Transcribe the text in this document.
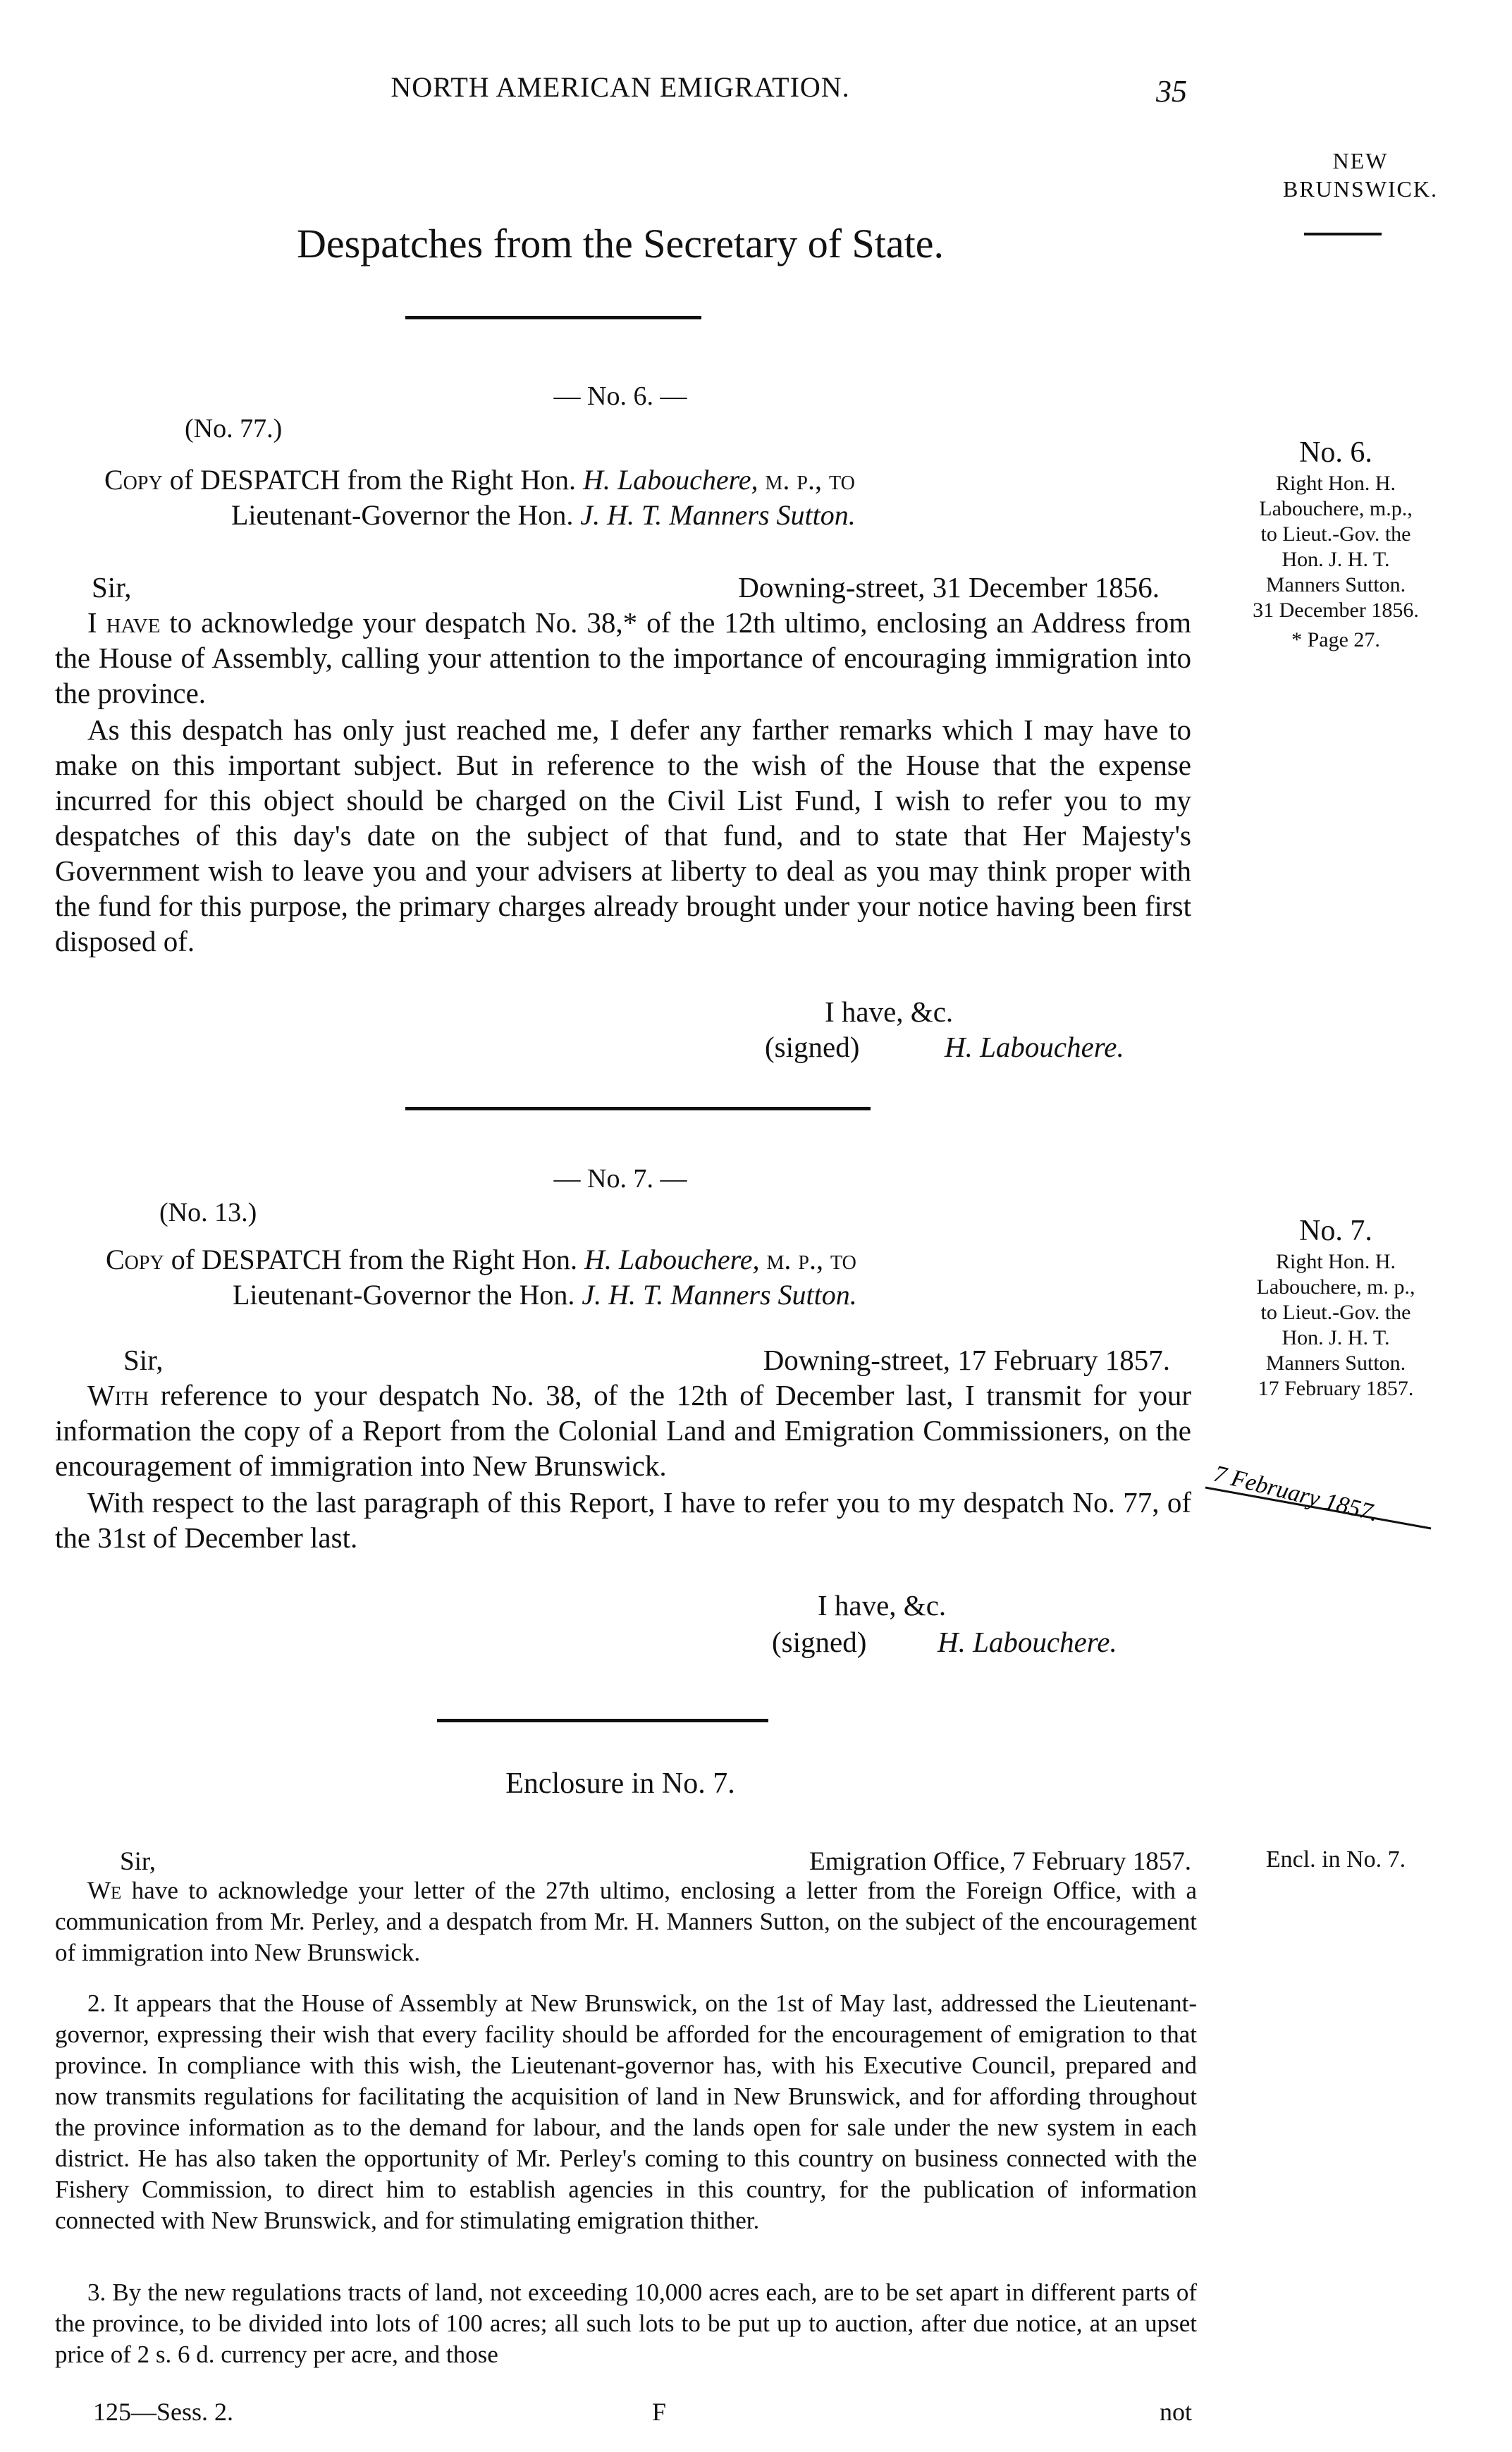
NORTH AMERICAN EMIGRATION.	35
NEW
BRUNSWICK.
Despatches from the Secretary of State.
— No. 6. —
(No. 77.)
Copy of DESPATCH from the Right Hon. H. Labouchere, m. p., to
Lieutenant-Governor the Hon. J. H. T. Manners Sutton.
Sir,	Downing-street, 31 December 1856.

I have to acknowledge your despatch No. 38,* of the 12th ultimo, enclosing an Address from the House of Assembly, calling your attention to the importance of encouraging immigration into the province.

As this despatch has only just reached me, I defer any farther remarks which I may have to make on this important subject. But in reference to the wish of the House that the expense incurred for this object should be charged on the Civil List Fund, I wish to refer you to my despatches of this day's date on the subject of that fund, and to state that Her Majesty's Government wish to leave you and your advisers at liberty to deal as you may think proper with the fund for this purpose, the primary charges already brought under your notice having been first disposed of.

I have, &c.
(signed)	H. Labouchere.
No. 6.
Right Hon. H.
Labouchere, m.p.,
to Lieut.-Gov. the
Hon. J. H. T.
Manners Sutton.
31 December 1856.
* Page 27.
— No. 7. —
(No. 13.)
Copy of DESPATCH from the Right Hon. H. Labouchere, m. p., to
Lieutenant-Governor the Hon. J. H. T. Manners Sutton.
Sir,	Downing-street, 17 February 1857.

With reference to your despatch No. 38, of the 12th of December last, I transmit for your information the copy of a Report from the Colonial Land and Emigration Commissioners, on the encouragement of immigration into New Brunswick.

With respect to the last paragraph of this Report, I have to refer you to my despatch No. 77, of the 31st of December last.

I have, &c.
(signed) H. Labouchere.
No. 7.
Right Hon. H.
Labouchere, m. p.,
to Lieut.-Gov. the
Hon. J. H. T.
Manners Sutton.
17 February 1857.
7 February 1857.
Enclosure in No. 7.
Sir,	Emigration Office, 7 February 1857.

We have to acknowledge your letter of the 27th ultimo, enclosing a letter from the Foreign Office, with a communication from Mr. Perley, and a despatch from Mr. H. Manners Sutton, on the subject of the encouragement of immigration into New Brunswick.

2. It appears that the House of Assembly at New Brunswick, on the 1st of May last, addressed the Lieutenant-governor, expressing their wish that every facility should be afforded for the encouragement of emigration to that province. In compliance with this wish, the Lieutenant-governor has, with his Executive Council, prepared and now transmits regulations for facilitating the acquisition of land in New Brunswick, and for affording throughout the province information as to the demand for labour, and the lands open for sale under the new system in each district. He has also taken the opportunity of Mr. Perley's coming to this country on business connected with the Fishery Commission, to direct him to establish agencies in this country, for the publication of information connected with New Brunswick, and for stimulating emigration thither.

3. By the new regulations tracts of land, not exceeding 10,000 acres each, are to be set apart in different parts of the province, to be divided into lots of 100 acres; all such lots to be put up to auction, after due notice, at an upset price of 2 s. 6 d. currency per acre, and those

Encl. in No. 7.
125—Sess. 2.	F	not
